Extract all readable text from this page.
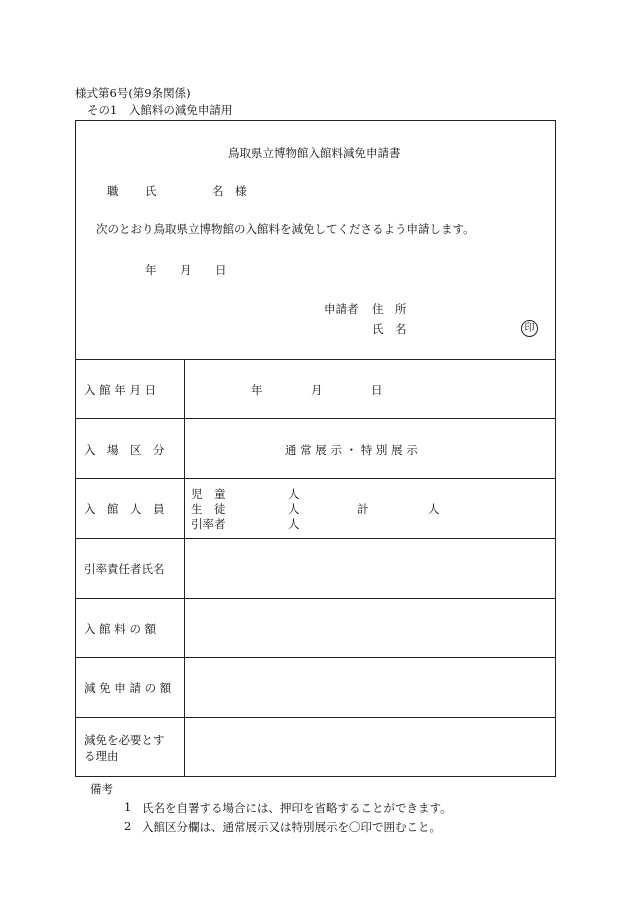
様式第6号(第9条関係)
その1　入館料の減免申請用
鳥取県立博物館入館料減免申請書
職 氏	名　様
次のとおり鳥取県立博物館の入館料を減免してくださるよう申請します。
年 月 日
申請者 住　所
氏　名	印
入 館 年 月 日	年	月	日
入　場　区　分	通 常 展 示 ・ 特 別 展 示
入　館　人　員
児　童	人
生　徒	人	計	人
引率者	人
引率責任者氏名
入 館 料 の 額
減 免 申 請 の 額
減免を必要とす
る理由
備考
1 氏名を自署する場合には、押印を省略することができます。
2 入館区分欄は、通常展示又は特別展示を〇印で囲むこと。
